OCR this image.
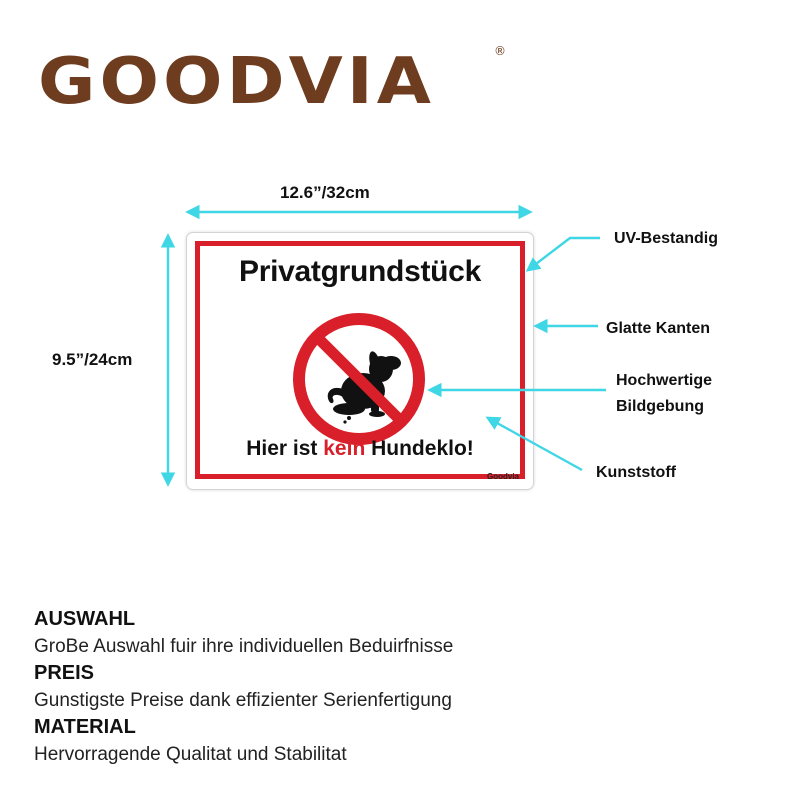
GOODVIA	®
12.6”/32cm
9.5”/24cm
Privatgrundstück
Hier ist kein Hundeklo!
Goodvia
UV-Bestandig
Glatte Kanten
Hochwertige
Bildgebung
Kunststoff
AUSWAHL
GroBe Auswahl fuir ihre individuellen Beduirfnisse
PREIS
Gunstigste Preise dank effizienter Serienfertigung
MATERIAL
Hervorragende Qualitat und Stabilitat
